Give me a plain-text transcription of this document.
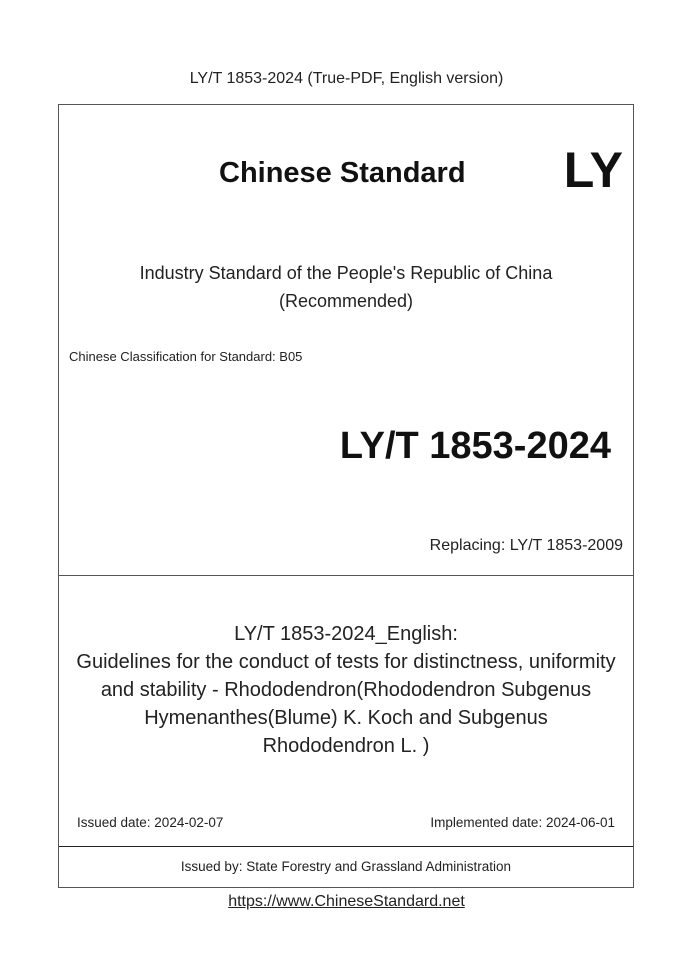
LY/T 1853-2024 (True-PDF, English version)
Chinese Standard LY
Industry Standard of the People's Republic of China
(Recommended)
Chinese Classification for Standard: B05
LY/T 1853-2024
Replacing: LY/T 1853-2009
LY/T 1853-2024_English:
Guidelines for the conduct of tests for distinctness, uniformity
and stability - Rhododendron(Rhododendron Subgenus
Hymenanthes(Blume) K. Koch and Subgenus
Rhododendron L. )
Issued date: 2024-02-07	Implemented date: 2024-06-01
Issued by: State Forestry and Grassland Administration
https://www.ChineseStandard.net
